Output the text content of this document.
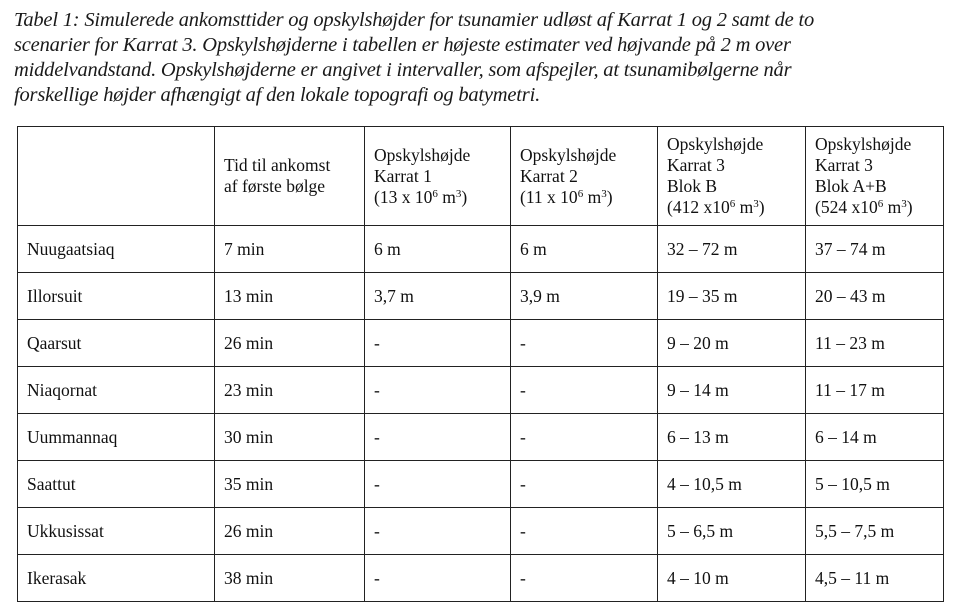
Tabel 1: Simulerede ankomsttider og opskylshøjder for tsunamier udløst af Karrat 1 og 2 samt de to
scenarier for Karrat 3. Opskylshøjderne i tabellen er højeste estimater ved højvande på 2 m over
middelvandstand. Opskylshøjderne er angivet i intervaller, som afspejler, at tsunamibølgerne når
forskellige højder afhængigt af den lokale topografi og batymetri.

	Tid til ankomst
af første bølge	Opskylshøjde
Karrat 1
(13 x $10^6$ $m^3$)	Opskylshøjde
Karrat 2
(11 x $10^6$ $m^3$)	Opskylshøjde
Karrat 3
Blok B
(412 $x10^6$ $m^3$)	Opskylshøjde
Karrat 3
Blok A+B
(524 $x10^6$ $m^3$)

Nuugaatsiaq	7 min	6 m	6 m	32 – 72 m	37 – 74 m
Illorsuit	13 min	3,7 m	3,9 m	19 – 35 m	20 – 43 m
Qaarsut	26 min	-	-	9 – 20 m	11 – 23 m
Niaqornat	23 min	-	-	9 – 14 m	11 – 17 m
Uummannaq	30 min	-	-	6 – 13 m	6 – 14 m
Saattut	35 min	-	-	4 – 10,5 m	5 – 10,5 m
Ukkusissat	26 min	-	-	5 – 6,5 m	5,5 – 7,5 m
Ikerasak	38 min	-	-	4 – 10 m	4,5 – 11 m
